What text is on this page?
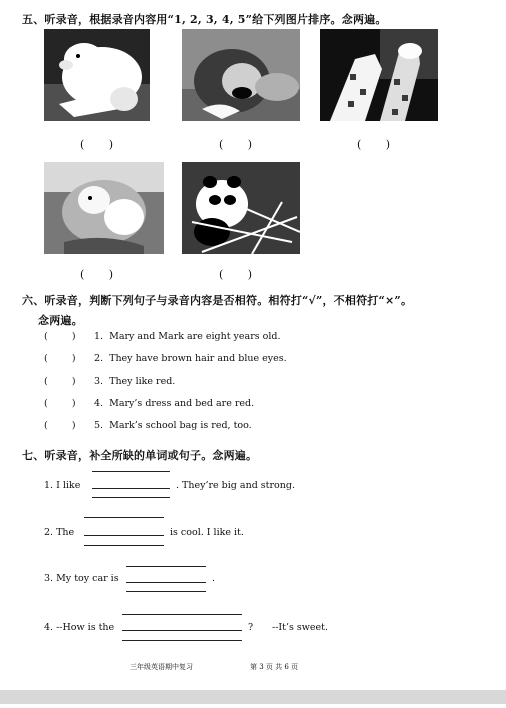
五、听录音，根据录音内容用“1, 2, 3, 4, 5”给下列图片排序。念两遍。
(       )	(       )	(       )
(       )	(       )
六、听录音，判断下列句子与录音内容是否相符。相符打“√”，不相符打“×”。
念两遍。
(        ) 1.  Mary and Mark are eight years old.
(        ) 2.  They have brown hair and blue eyes.
(        ) 3.  They like red.
(        ) 4.  Mary’s dress and bed are red.
(        ) 5.  Mark’s school bag is red, too.
七、听录音，补全所缺的单词或句子。念两遍。
1. I like	. They’re big and strong.
2. The	is cool. I like it.
3. My toy car is	.
4. --How is the	? --It’s sweet.
三年级英语期中复习	第 3 页 共 6 页
